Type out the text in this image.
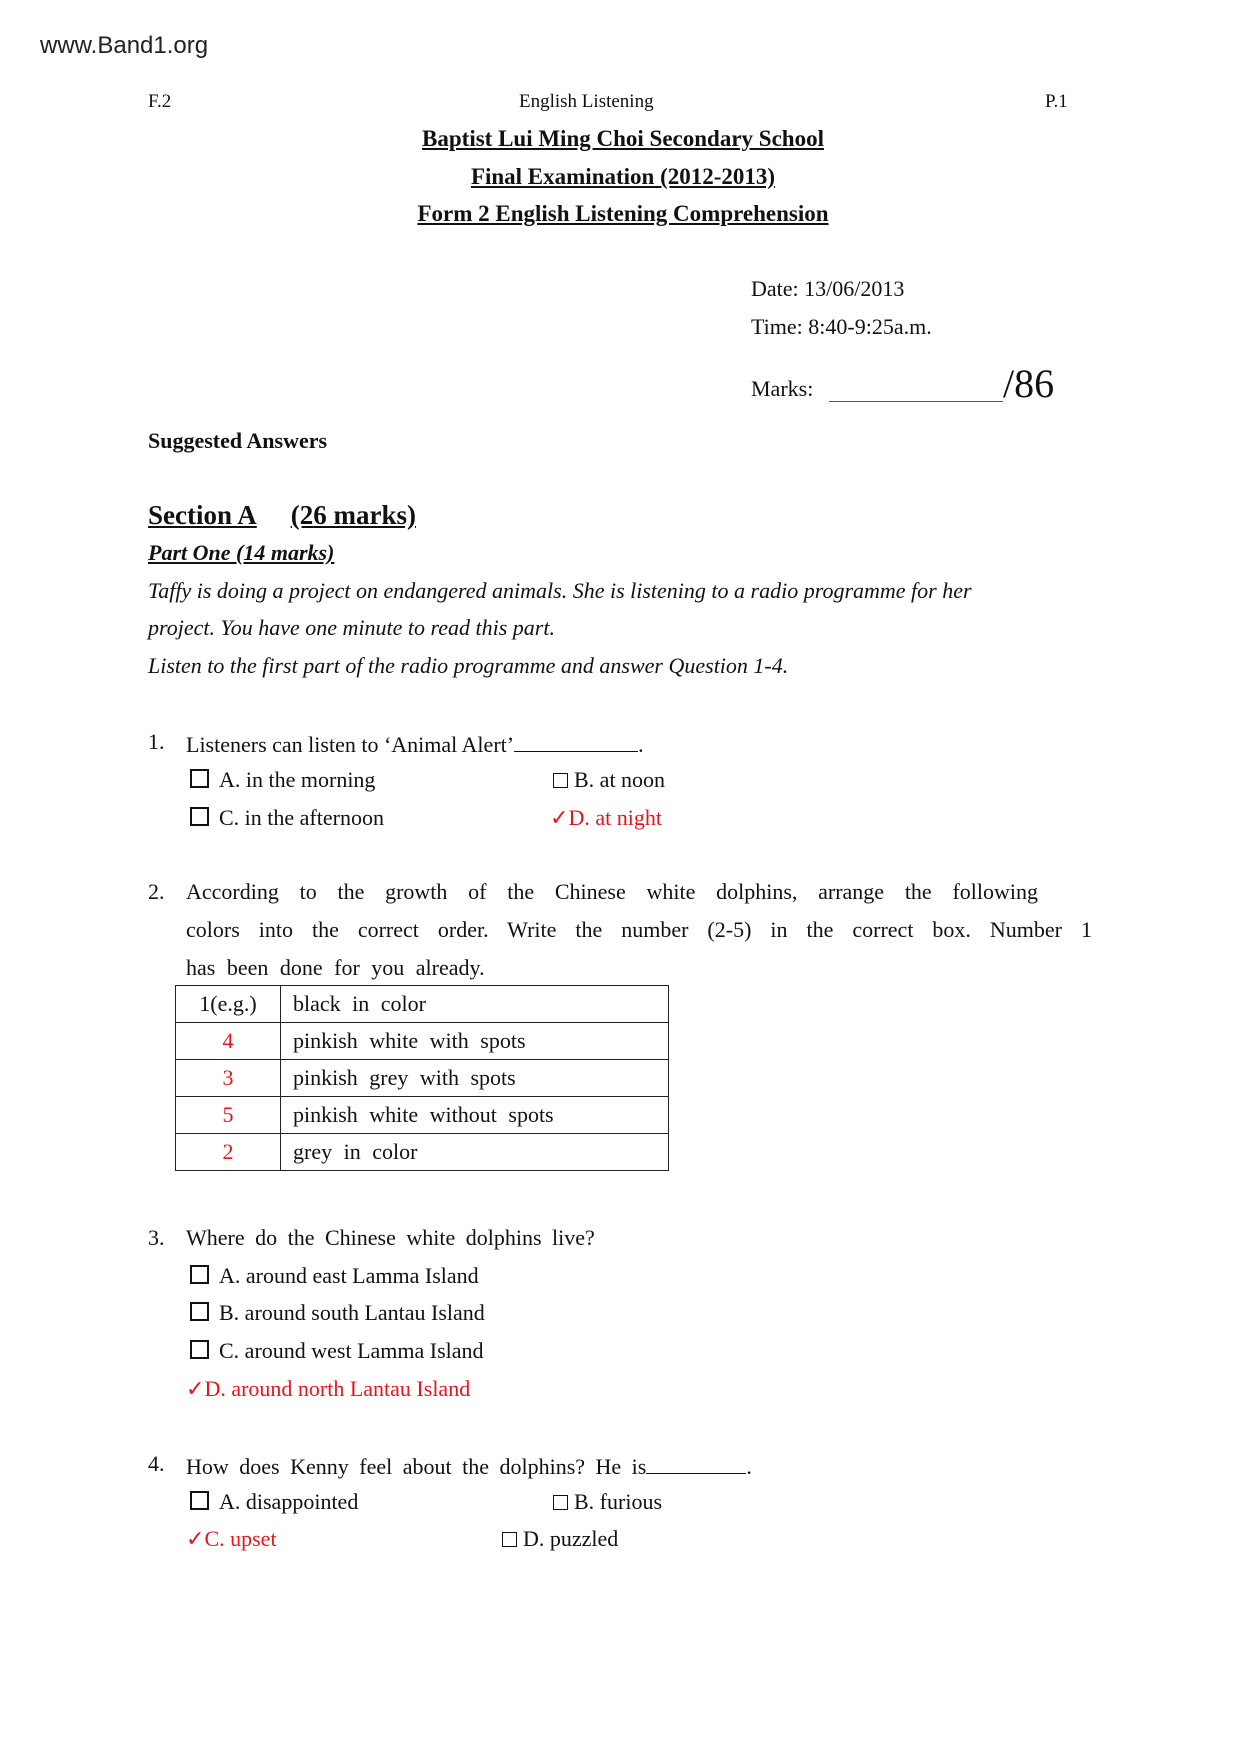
www.Band1.org
F.2	English Listening	P.1
Baptist Lui Ming Choi Secondary School
Final Examination (2012-2013)
Form 2 English Listening Comprehension
Date: 13/06/2013
Time: 8:40-9:25a.m.
Marks:	/86
Suggested Answers
Section A (26 marks)
Part One (14 marks)
Taffy is doing a project on endangered animals. She is listening to a radio programme for her
project. You have one minute to read this part.
Listen to the first part of the radio programme and answer Question 1-4.
1. Listeners can listen to ‘Animal Alert’	.
A. in the morning	B. at noon
C. in the afternoon	✓D. at night
2. According to the growth of the Chinese white dolphins, arrange the following
colors into the correct order. Write the number (2-5) in the correct box. Number 1
has been done for you already.
1(e.g.)	black in color
4	pinkish white with spots
3	pinkish grey with spots
5	pinkish white without spots
2	grey in color
3. Where do the Chinese white dolphins live?
A. around east Lamma Island
B. around south Lantau Island
C. around west Lamma Island
✓D. around north Lantau Island
4. How does Kenny feel about the dolphins? He is	.
A. disappointed	B. furious
✓C. upset	D. puzzled
